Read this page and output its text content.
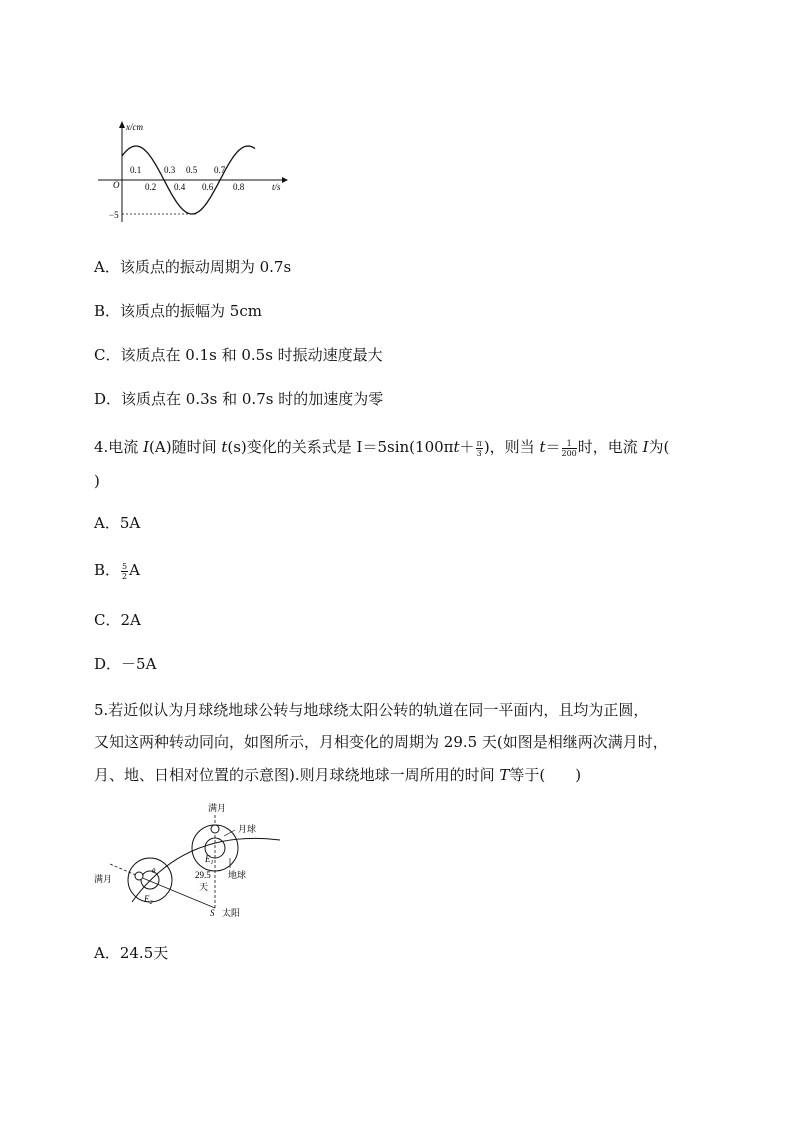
x/cm
t/s
O
−5
0.1	0.3 0.5 0.7
0.2 0.4 0.6 0.8
A．该质点的振动周期为 0.7s
B．该质点的振幅为 5cm
C．该质点在 0.1s 和 0.5s 时振动速度最大
D．该质点在 0.3s 和 0.7s 时的加速度为零
4.电流 I(A)随时间 t(s)变化的关系式是 $I=5\sin(100\pi t+ \frac{\pi}{3}$ )，则当 $t= \frac{1}{200}$ 时，电流 I为(
)
A．5A
B． $\frac{5}{2}$ A
C．2A
D．－5A
5.若近似认为月球绕地球公转与地球绕太阳公转的轨道在同一平面内，且均为正圆，
又知这两种转动同向，如图所示，月相变化的周期为 29.5 天(如图是相继两次满月时，
月、地、日相对位置的示意图).则月球绕地球一周所用的时间 T等于(　　)
满月
月球
地球
满月	29.5
天
S 太阳
$E_1$
$E_2$
θ
A．24.5天
